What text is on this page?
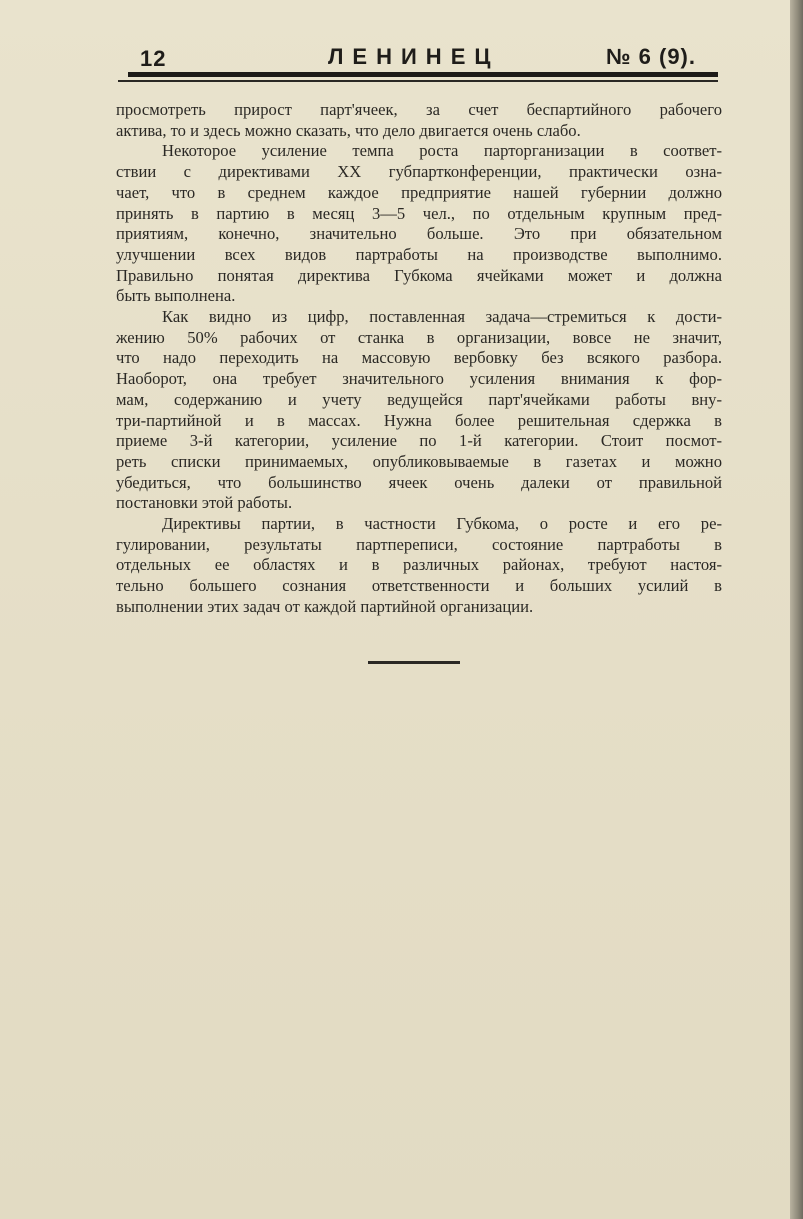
12	ЛЕНИНЕЦ	№ 6 (9).
просмотреть прирост парт'ячеек, за счет беспартийного рабочего
актива, то и здесь можно сказать, что дело двигается очень слабо.
Некоторое усиление темпа роста парторганизации в соответ-
ствии с директивами XX губпартконференции, практически озна-
чает, что в среднем каждое предприятие нашей губернии должно
принять в партию в месяц 3—5 чел., по отдельным крупным пред-
приятиям, конечно, значительно больше. Это при обязательном
улучшении всех видов партработы на производстве выполнимо.
Правильно понятая директива Губкома ячейками может и должна
быть выполнена.
Как видно из цифр, поставленная задача—стремиться к дости-
жению 50% рабочих от станка в организации, вовсе не значит,
что надо переходить на массовую вербовку без всякого разбора.
Наоборот, она требует значительного усиления внимания к фор-
мам, содержанию и учету ведущейся парт'ячейками работы вну-
три-партийной и в массах. Нужна более решительная сдержка в
приеме 3-й категории, усиление по 1-й категории. Стоит посмот-
реть списки принимаемых, опубликовываемые в газетах и можно
убедиться, что большинство ячеек очень далеки от правильной
постановки этой работы.
Директивы партии, в частности Губкома, о росте и его ре-
гулировании, результаты партпереписи, состояние партработы в
отдельных ее областях и в различных районах, требуют настоя-
тельно большего сознания ответственности и больших усилий в
выполнении этих задач от каждой партийной организации.
